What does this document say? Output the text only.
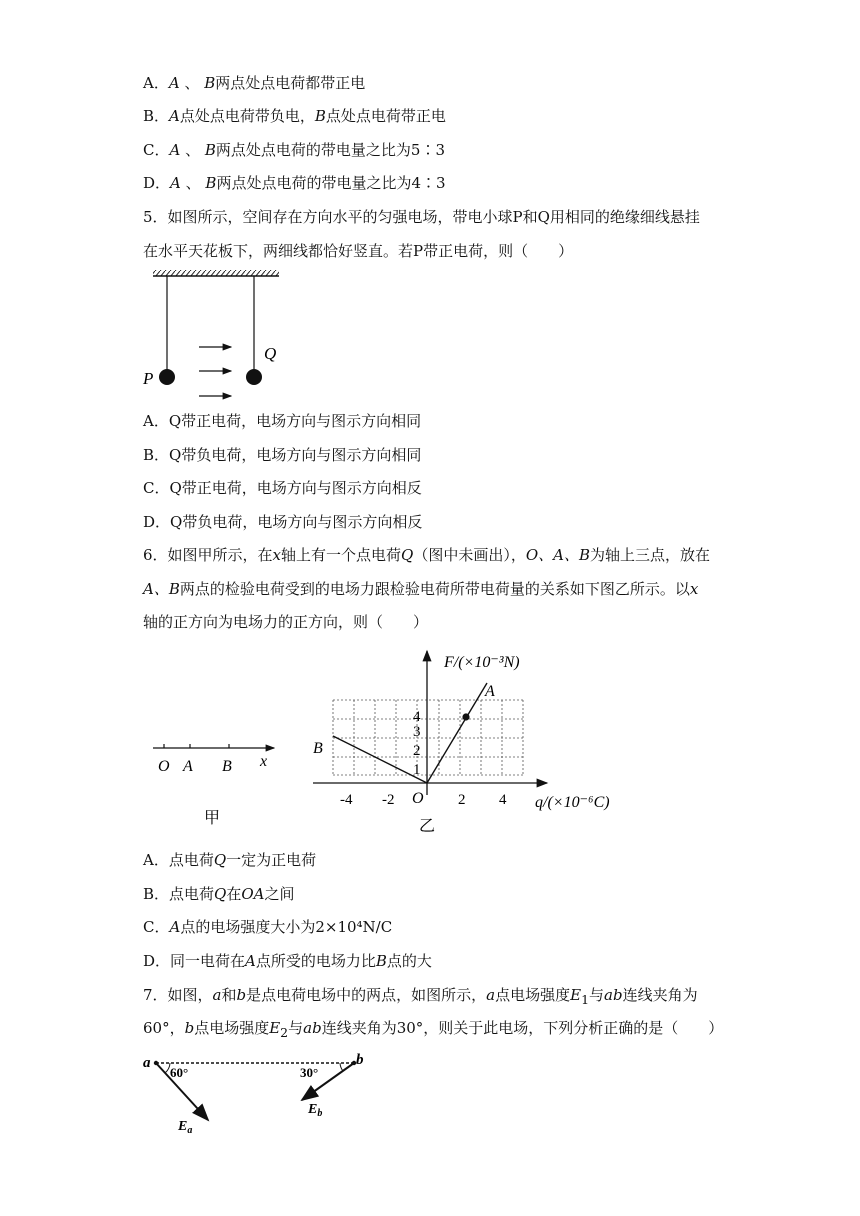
A．A 、 B两点处点电荷都带正电
B．A点处点电荷带负电，B点处点电荷带正电
C．A 、 B两点处点电荷的带电量之比为5∶3
D．A 、 B两点处点电荷的带电量之比为4∶3
5．如图所示，空间存在方向水平的匀强电场，带电小球P和Q用相同的绝缘细线悬挂
在水平天花板下，两细线都恰好竖直。若P带正电荷，则（　　）
P
Q
A．Q带正电荷，电场方向与图示方向相同
B．Q带负电荷，电场方向与图示方向相同
C．Q带正电荷，电场方向与图示方向相反
D．Q带负电荷，电场方向与图示方向相反
6．如图甲所示，在x轴上有一个点电荷Q（图中未画出），O、A、B为轴上三点，放在
A、B两点的检验电荷受到的电场力跟检验电荷所带电荷量的关系如下图乙所示。以x
轴的正方向为电场力的正方向，则（　　）
O A B x
甲
F/(×10⁻³N)
q/(×10⁻⁶C)
1
2
3
4
-4 -2 O 2 4
A
B
乙
A．点电荷Q一定为正电荷
B．点电荷Q在OA之间
C．A点的电场强度大小为2×10⁴N/C
D．同一电荷在A点所受的电场力比B点的大
7．如图，a和b是点电荷电场中的两点，如图所示，a点电场强度$E_1$与ab连线夹角为
60°，b点电场强度$E_2$与ab连线夹角为30°，则关于此电场，下列分析正确的是（　　）
a	b
60°	30°
$E_a$
$E_b$
